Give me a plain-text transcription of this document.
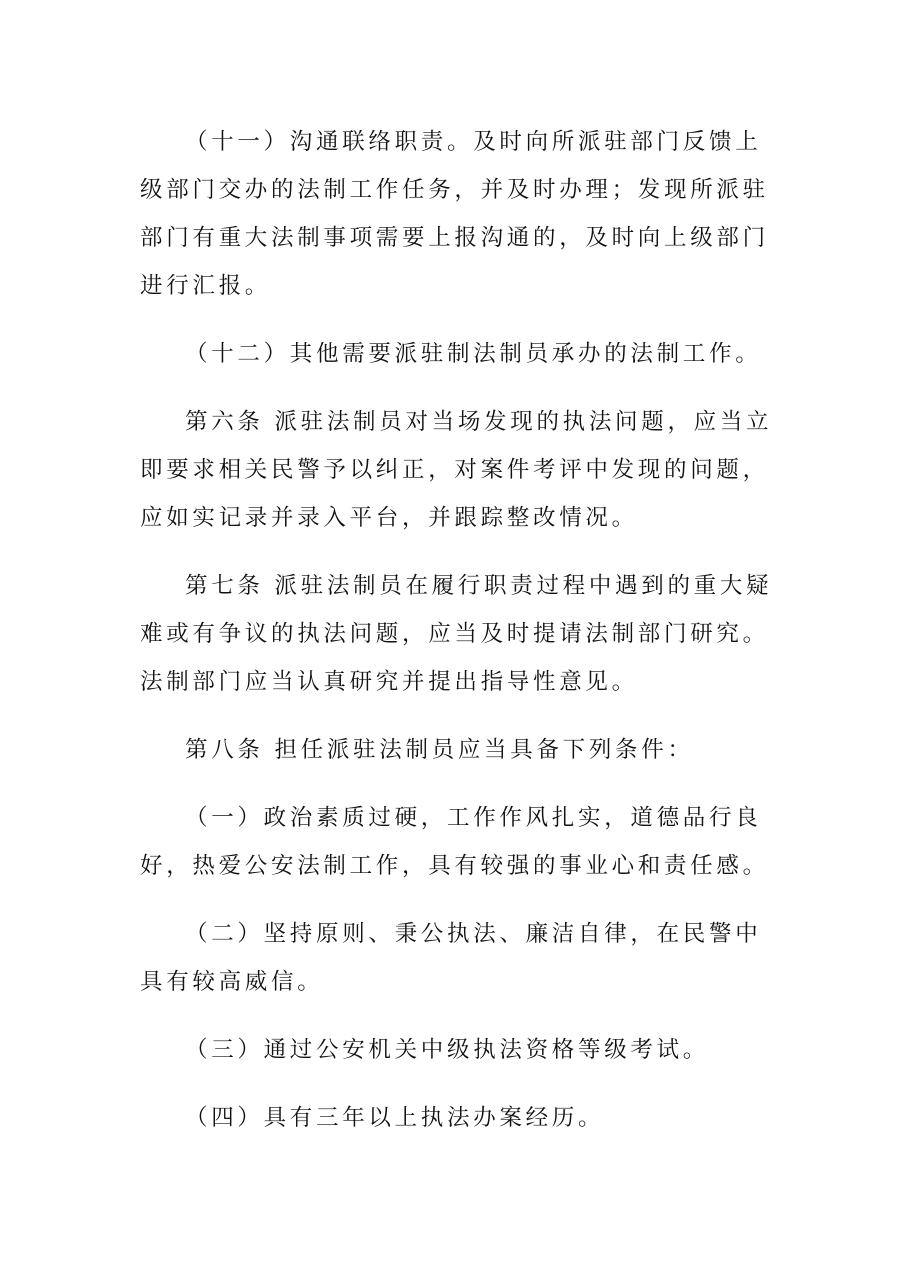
（十一）沟通联络职责。及时向所派驻部门反馈上级部门交办的法制工作任务，并及时办理；发现所派驻部门有重大法制事项需要上报沟通的，及时向上级部门进行汇报。

（十二）其他需要派驻制法制员承办的法制工作。

第六条 派驻法制员对当场发现的执法问题，应当立即要求相关民警予以纠正，对案件考评中发现的问题，应如实记录并录入平台，并跟踪整改情况。

第七条 派驻法制员在履行职责过程中遇到的重大疑难或有争议的执法问题，应当及时提请法制部门研究。法制部门应当认真研究并提出指导性意见。

第八条 担任派驻法制员应当具备下列条件：

（一）政治素质过硬，工作作风扎实，道德品行良好，热爱公安法制工作，具有较强的事业心和责任感。

（二）坚持原则、秉公执法、廉洁自律，在民警中具有较高威信。

（三）通过公安机关中级执法资格等级考试。

（四）具有三年以上执法办案经历。
